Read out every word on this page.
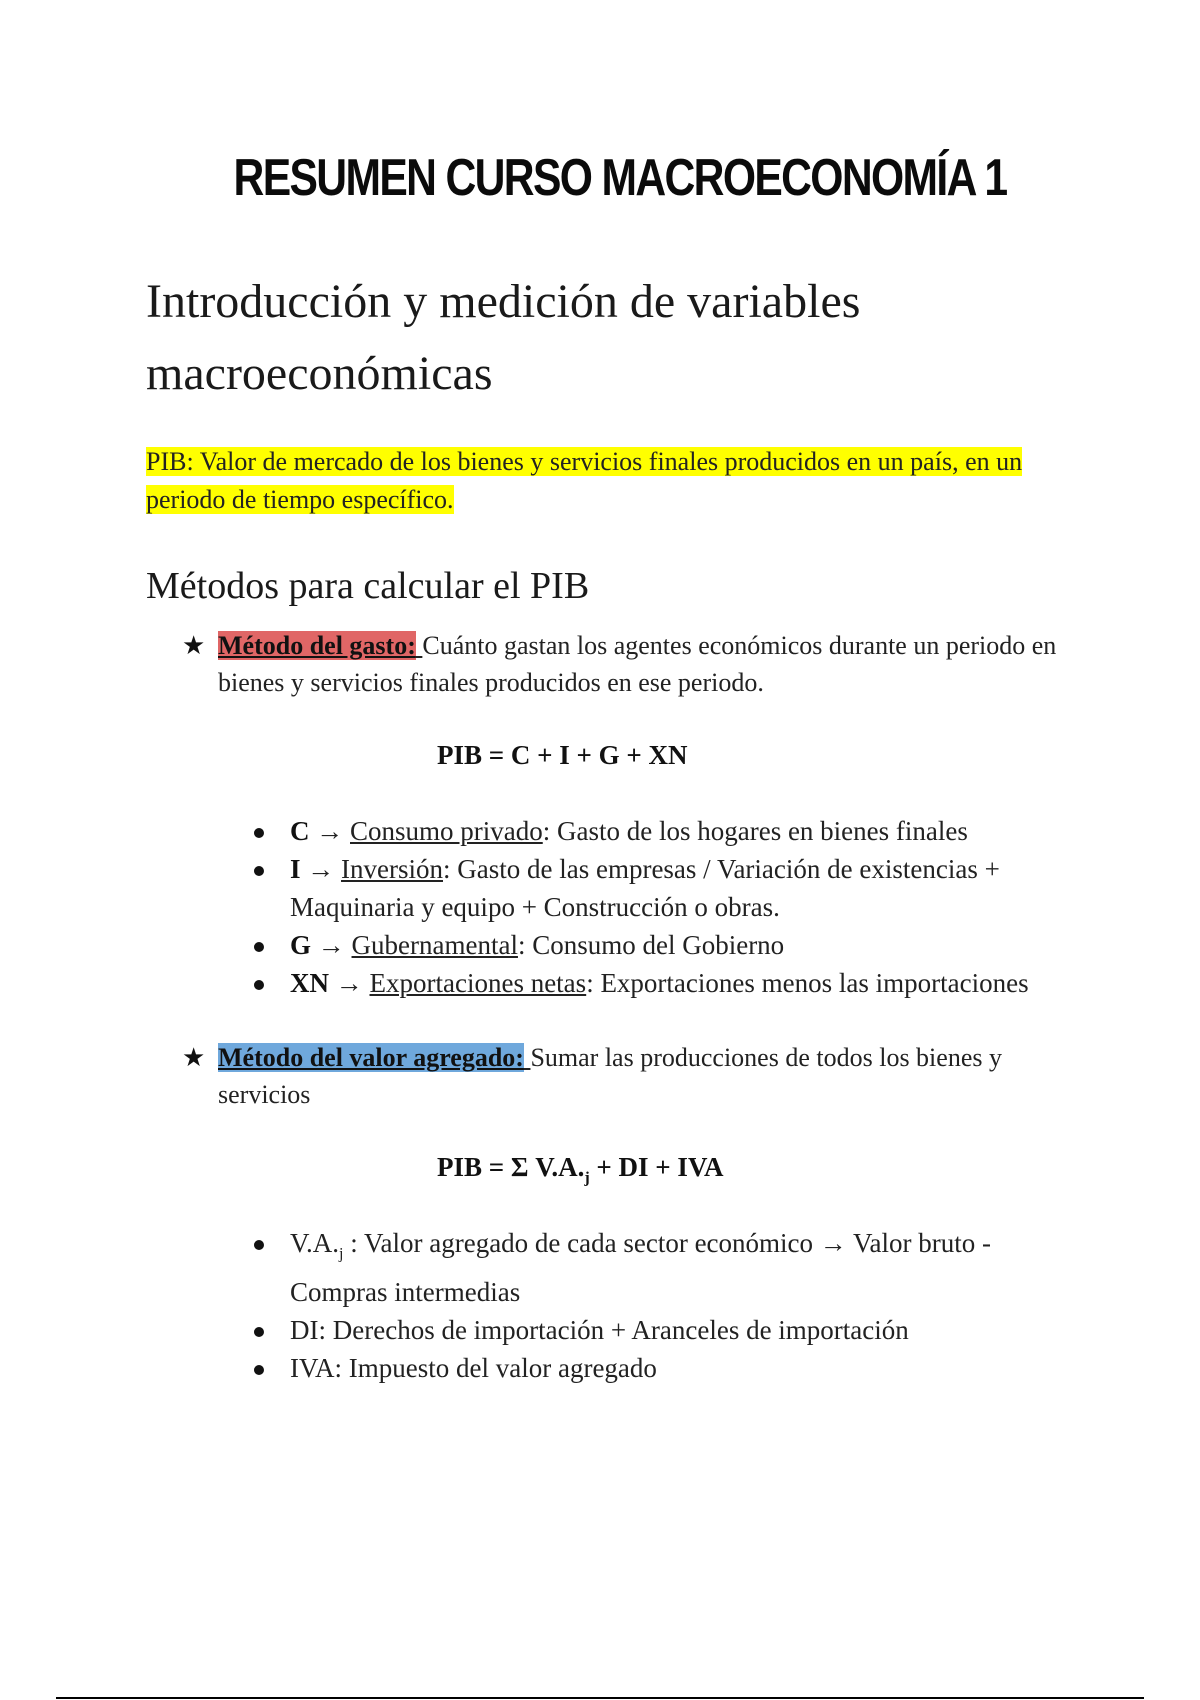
RESUMEN CURSO MACROECONOMÍA 1
Introducción y medición de variables macroeconómicas
PIB: Valor de mercado de los bienes y servicios finales producidos en un país, en un periodo de tiempo específico.
Métodos para calcular el PIB
★ Método del gasto: Cuánto gastan los agentes económicos durante un periodo en bienes y servicios finales producidos en ese periodo.
PIB = C + I + G + XN
C → Consumo privado: Gasto de los hogares en bienes finales
I → Inversión: Gasto de las empresas / Variación de existencias + Maquinaria y equipo + Construcción o obras.
G → Gubernamental: Consumo del Gobierno
XN → Exportaciones netas: Exportaciones menos las importaciones
★ Método del valor agregado: Sumar las producciones de todos los bienes y servicios
PIB = Σ $V.A._j$ + DI + IVA
$V.A._j$ : Valor agregado de cada sector económico → Valor bruto - Compras intermedias
DI: Derechos de importación + Aranceles de importación
IVA: Impuesto del valor agregado
